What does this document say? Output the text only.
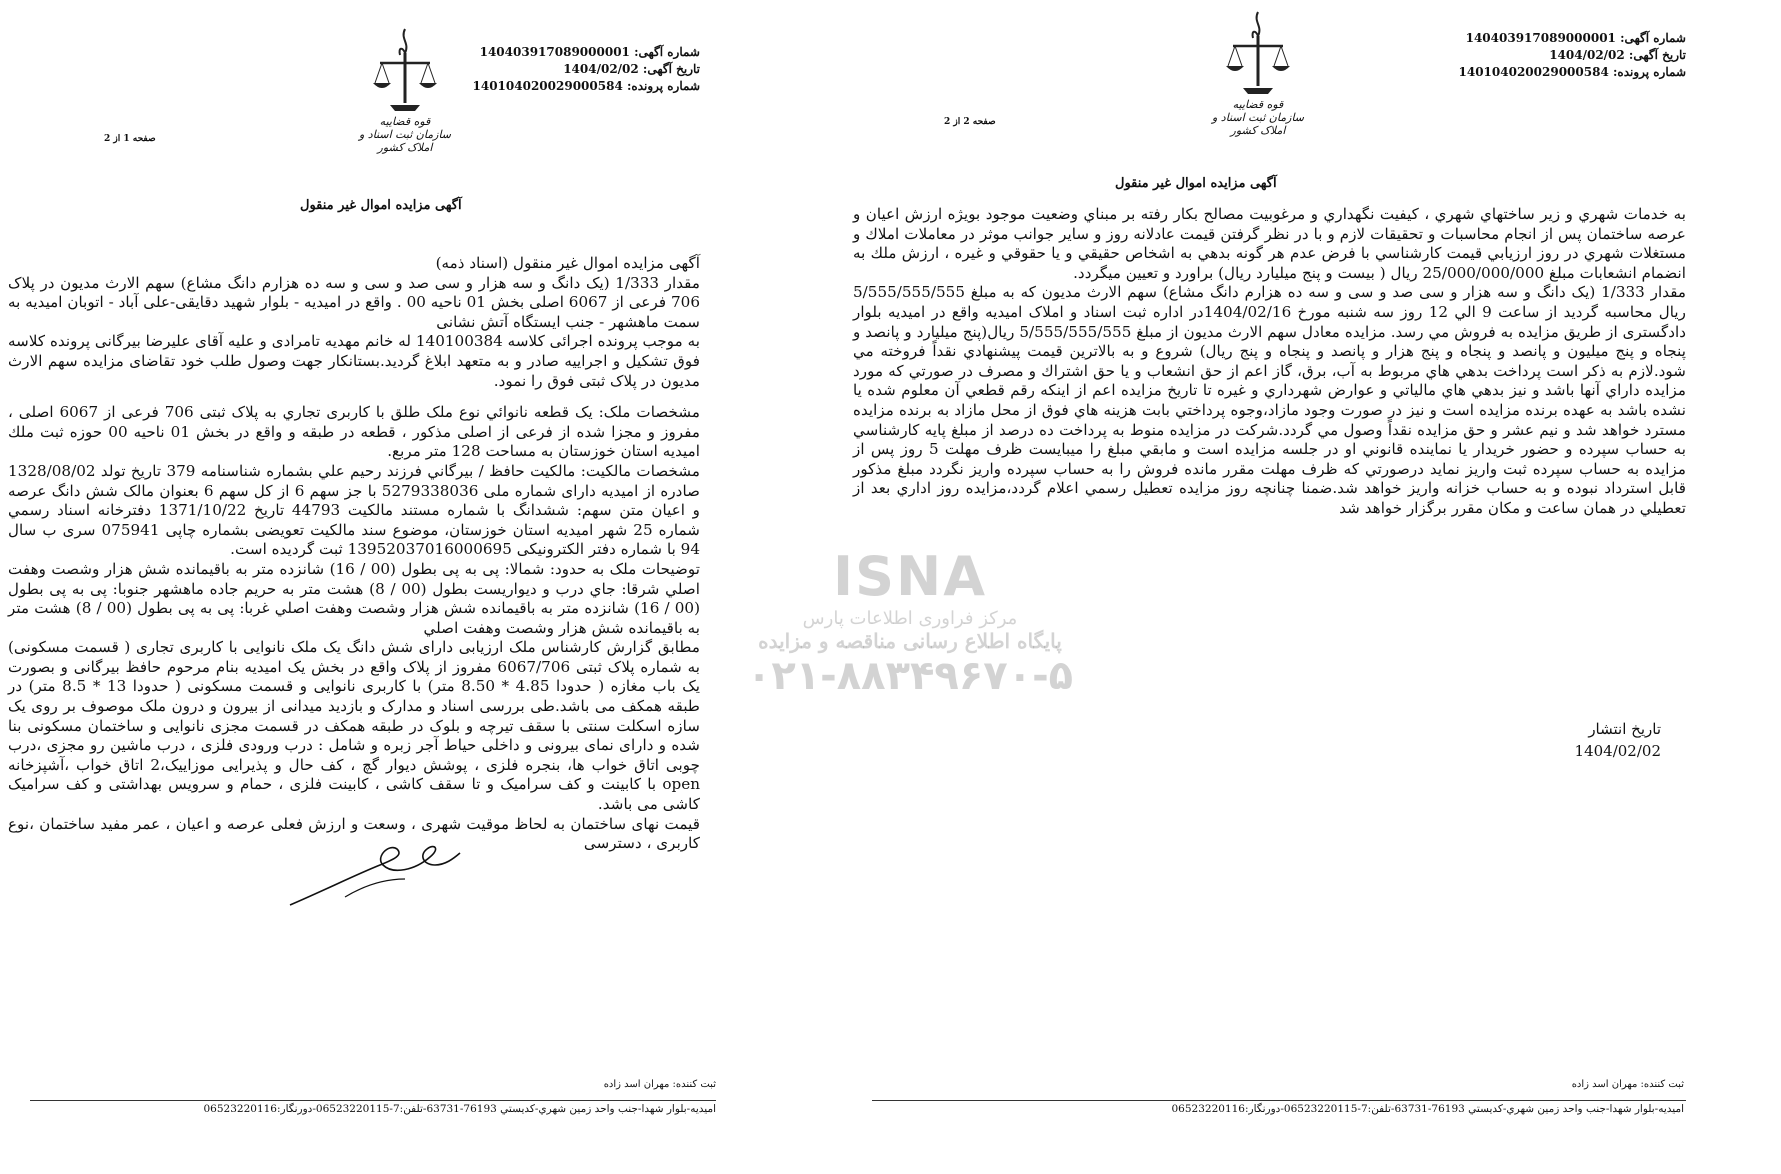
شماره آگهی: 140403917089000001
تاریخ آگهی: 1404/02/02
شماره پرونده: 140104020029000584
قوه قضاییه
سازمان ثبت اسناد و املاک کشور
صفحه 2 از 2
آگهی مزایده اموال غیر منقول

به خدمات شهري و زير ساختهاي شهري ، كيفيت نگهداري و مرغوبيت مصالح بكار رفته بر مبناي وضعيت موجود بويژه ارزش اعيان و عرصه ساختمان پس از انجام محاسبات و تحقيقات لازم و با در نظر گرفتن قيمت عادلانه روز و ساير جوانب موثر در معاملات املاك و مستغلات شهري در روز ارزيابي قيمت كارشناسي با فرض عدم هر گونه بدهي به اشخاص حقيقي و يا حقوقي و غيره ، ارزش ملك به انضمام انشعابات مبلغ 25/000/000/000 ريال ( بيست و پنج ميليارد ريال) براورد و تعيين ميگردد.

مقدار 1/333 (یک دانگ و سه هزار و سی صد و سی و سه ده هزارم دانگ مشاع) سهم الارث مدیون كه به مبلغ 5/555/555/555 ريال محاسبه گرديد از ساعت 9 الي 12 روز سه شنبه مورخ 1404/02/16در اداره ثبت اسناد و املاک امیدیه واقع در امیدیه بلوار دادگستری از طريق مزايده به فروش مي رسد. مزایده معادل سهم الارث مدیون از مبلغ 5/555/555/555 ريال(پنج ميليارد و پانصد و پنجاه و پنج ميليون و پانصد و پنجاه و پنج هزار و پانصد و پنجاه و پنج ريال) شروع و به بالاترين قيمت پيشنهادي نقداً فروخته مي شود.لازم به ذكر است پرداخت بدهي هاي مربوط به آب، برق، گاز اعم از حق انشعاب و يا حق اشتراك و مصرف در صورتي كه مورد مزايده داراي آنها باشد و نيز بدهي هاي مالياتي و عوارض شهرداري و غيره تا تاريخ مزايده اعم از اينكه رقم قطعي آن معلوم شده يا نشده باشد به عهده برنده مزايده است و نيز در صورت وجود مازاد،وجوه پرداختي بابت هزينه هاي فوق از محل مازاد به برنده مزايده مسترد خواهد شد و نيم عشر و حق مزايده نقداً وصول مي گردد.شركت در مزايده منوط به پرداخت ده درصد از مبلغ پايه كارشناسي به حساب سپرده و حضور خريدار يا نماينده قانوني او در جلسه مزايده است و مابقي مبلغ را ميبايست ظرف مهلت 5 روز پس از مزايده به حساب سپرده ثبت واريز نمايد درصورتي كه ظرف مهلت مقرر مانده فروش را به حساب سپرده واريز نگردد مبلغ مذكور قابل استرداد نبوده و به حساب خزانه واريز خواهد شد.ضمنا چنانچه روز مزايده تعطيل رسمي اعلام گردد،مزايده روز اداري بعد از تعطيلي در همان ساعت و مكان مقرر برگزار خواهد شد

تاریخ انتشار
1404/02/02
ثبت كننده: مهران اسد زاده
اميديه-بلوار شهدا-جنب واحد زمين شهري-كديستي 76193-63731-تلفن:7-06523220115-دورنگار:06523220116
شماره آگهی: 140403917089000001
تاریخ آگهی: 1404/02/02
شماره پرونده: 140104020029000584
قوه قضاییه
سازمان ثبت اسناد و املاک کشور
صفحه 1 از 2
آگهی مزایده اموال غیر منقول

آگهی مزایده اموال غیر منقول (اسناد ذمه)

مقدار 1/333 (یک دانگ و سه هزار و سی صد و سی و سه ده هزارم دانگ مشاع) سهم الارث مدیون در پلاک 706 فرعی از 6067 اصلی بخش 01 ناحیه 00 . واقع در امیدیه - بلوار شهید دقایقی-علی آباد - اتوبان امیدیه به سمت ماهشهر - جنب ایستگاه آتش نشانی

به موجب پرونده اجرائی کلاسه 140100384 له خانم مهدیه تامرادی و علیه آقای علیرضا بیرگانی پرونده کلاسه فوق تشکیل و اجراییه صادر و به متعهد ابلاغ گردید.بستانکار جهت وصول طلب خود تقاضای مزایده سهم الارث مدیون در پلاک ثبتی فوق را نمود.

مشخصات ملک: یک قطعه نانوائي نوع ملک طلق با کاربری تجاري به پلاک ثبتی 706 فرعی از 6067 اصلی ، مفروز و مجزا شده از فرعی از اصلی مذکور ، قطعه در طبقه و واقع در بخش 01 ناحیه 00 حوزه ثبت ملك امیدیه استان خوزستان به مساحت 128 متر مربع.

مشخصات مالکیت: مالکیت حافظ / بیرگاني فرزند رحیم علي بشماره شناسنامه 379 تاریخ تولد 1328/08/02 صادره از امیدیه دارای شماره ملی 5279338036 با جز سهم 6 از کل سهم 6 بعنوان مالک شش دانگ عرصه و اعیان متن سهم: ششدانگ با شماره مستند مالکیت 44793 تاریخ 1371/10/22 دفترخانه اسناد رسمي شماره 25 شهر امیدیه استان خوزستان، موضوع سند مالکیت تعویضی بشماره چاپی 075941 سری ب سال 94 با شماره دفتر الکترونیکی 13952037016000695 ثبت گردیده است.

توضیحات ملک به حدود: شمالا: پی به پی بطول (00 / 16) شانزده متر به باقیمانده شش هزار وشصت وهفت اصلي شرقا: جاي درب و ديواريست بطول (00 / 8) هشت متر به حريم جاده ماهشهر جنوبا: پی به پی بطول (00 / 16) شانزده متر به باقیمانده شش هزار وشصت وهفت اصلي غربا: پی به پی بطول (00 / 8) هشت متر به باقیمانده شش هزار وشصت وهفت اصلي

مطابق گزارش كارشناس ملک ارزیابی دارای شش دانگ یک ملک نانوایی با کاربری تجاری ( قسمت مسکونی) به شماره پلاک ثبتی 6067/706 مفروز از پلاک واقع در بخش یک امیدیه بنام مرحوم حافظ بیرگانی و بصورت یک باب مغازه ( حدودا 4.85 * 8.50 متر) با کاربری نانوایی و قسمت مسکونی ( حدودا 13 * 8.5 متر) در طبقه همکف می باشد.طی بررسی اسناد و مدارک و بازدید میدانی از بیرون و درون ملک موصوف بر روی یک سازه اسکلت سنتی با سقف تیرچه و بلوک در طبقه همکف در قسمت مجزی نانوایی و ساختمان مسکونی بنا شده و دارای نمای بیرونی و داخلی حیاط آجر زبره و شامل : درب ورودی فلزی ، درب ماشین رو مجزی ،درب چوبی اتاق خواب ها، بنجره فلزی ، پوشش دیوار گچ ، کف حال و پذیرایی موزاییک،2 اتاق خواب ،آشپزخانه open با کابینت و کف سرامیک و تا سقف کاشی ، کابینت فلزی ، حمام و سرویس بهداشتی و کف سرامیک کاشی می باشد.

قیمت نهای ساختمان به لحاظ موقیت شهری ، وسعت و ارزش فعلی عرصه و اعیان ، عمر مفید ساختمان ،نوع کاربری ، دسترسی

ثبت كننده: مهران اسد زاده
اميديه-بلوار شهدا-جنب واحد زمين شهري-كديستي 76193-63731-تلفن:7-06523220115-دورنگار:06523220116
ISNA
مرکز فراوری اطلاعات پارس
پایگاه اطلاع رسانی مناقصه و مزایده
۰۲۱-۸۸۳۴۹۶۷۰-۵
